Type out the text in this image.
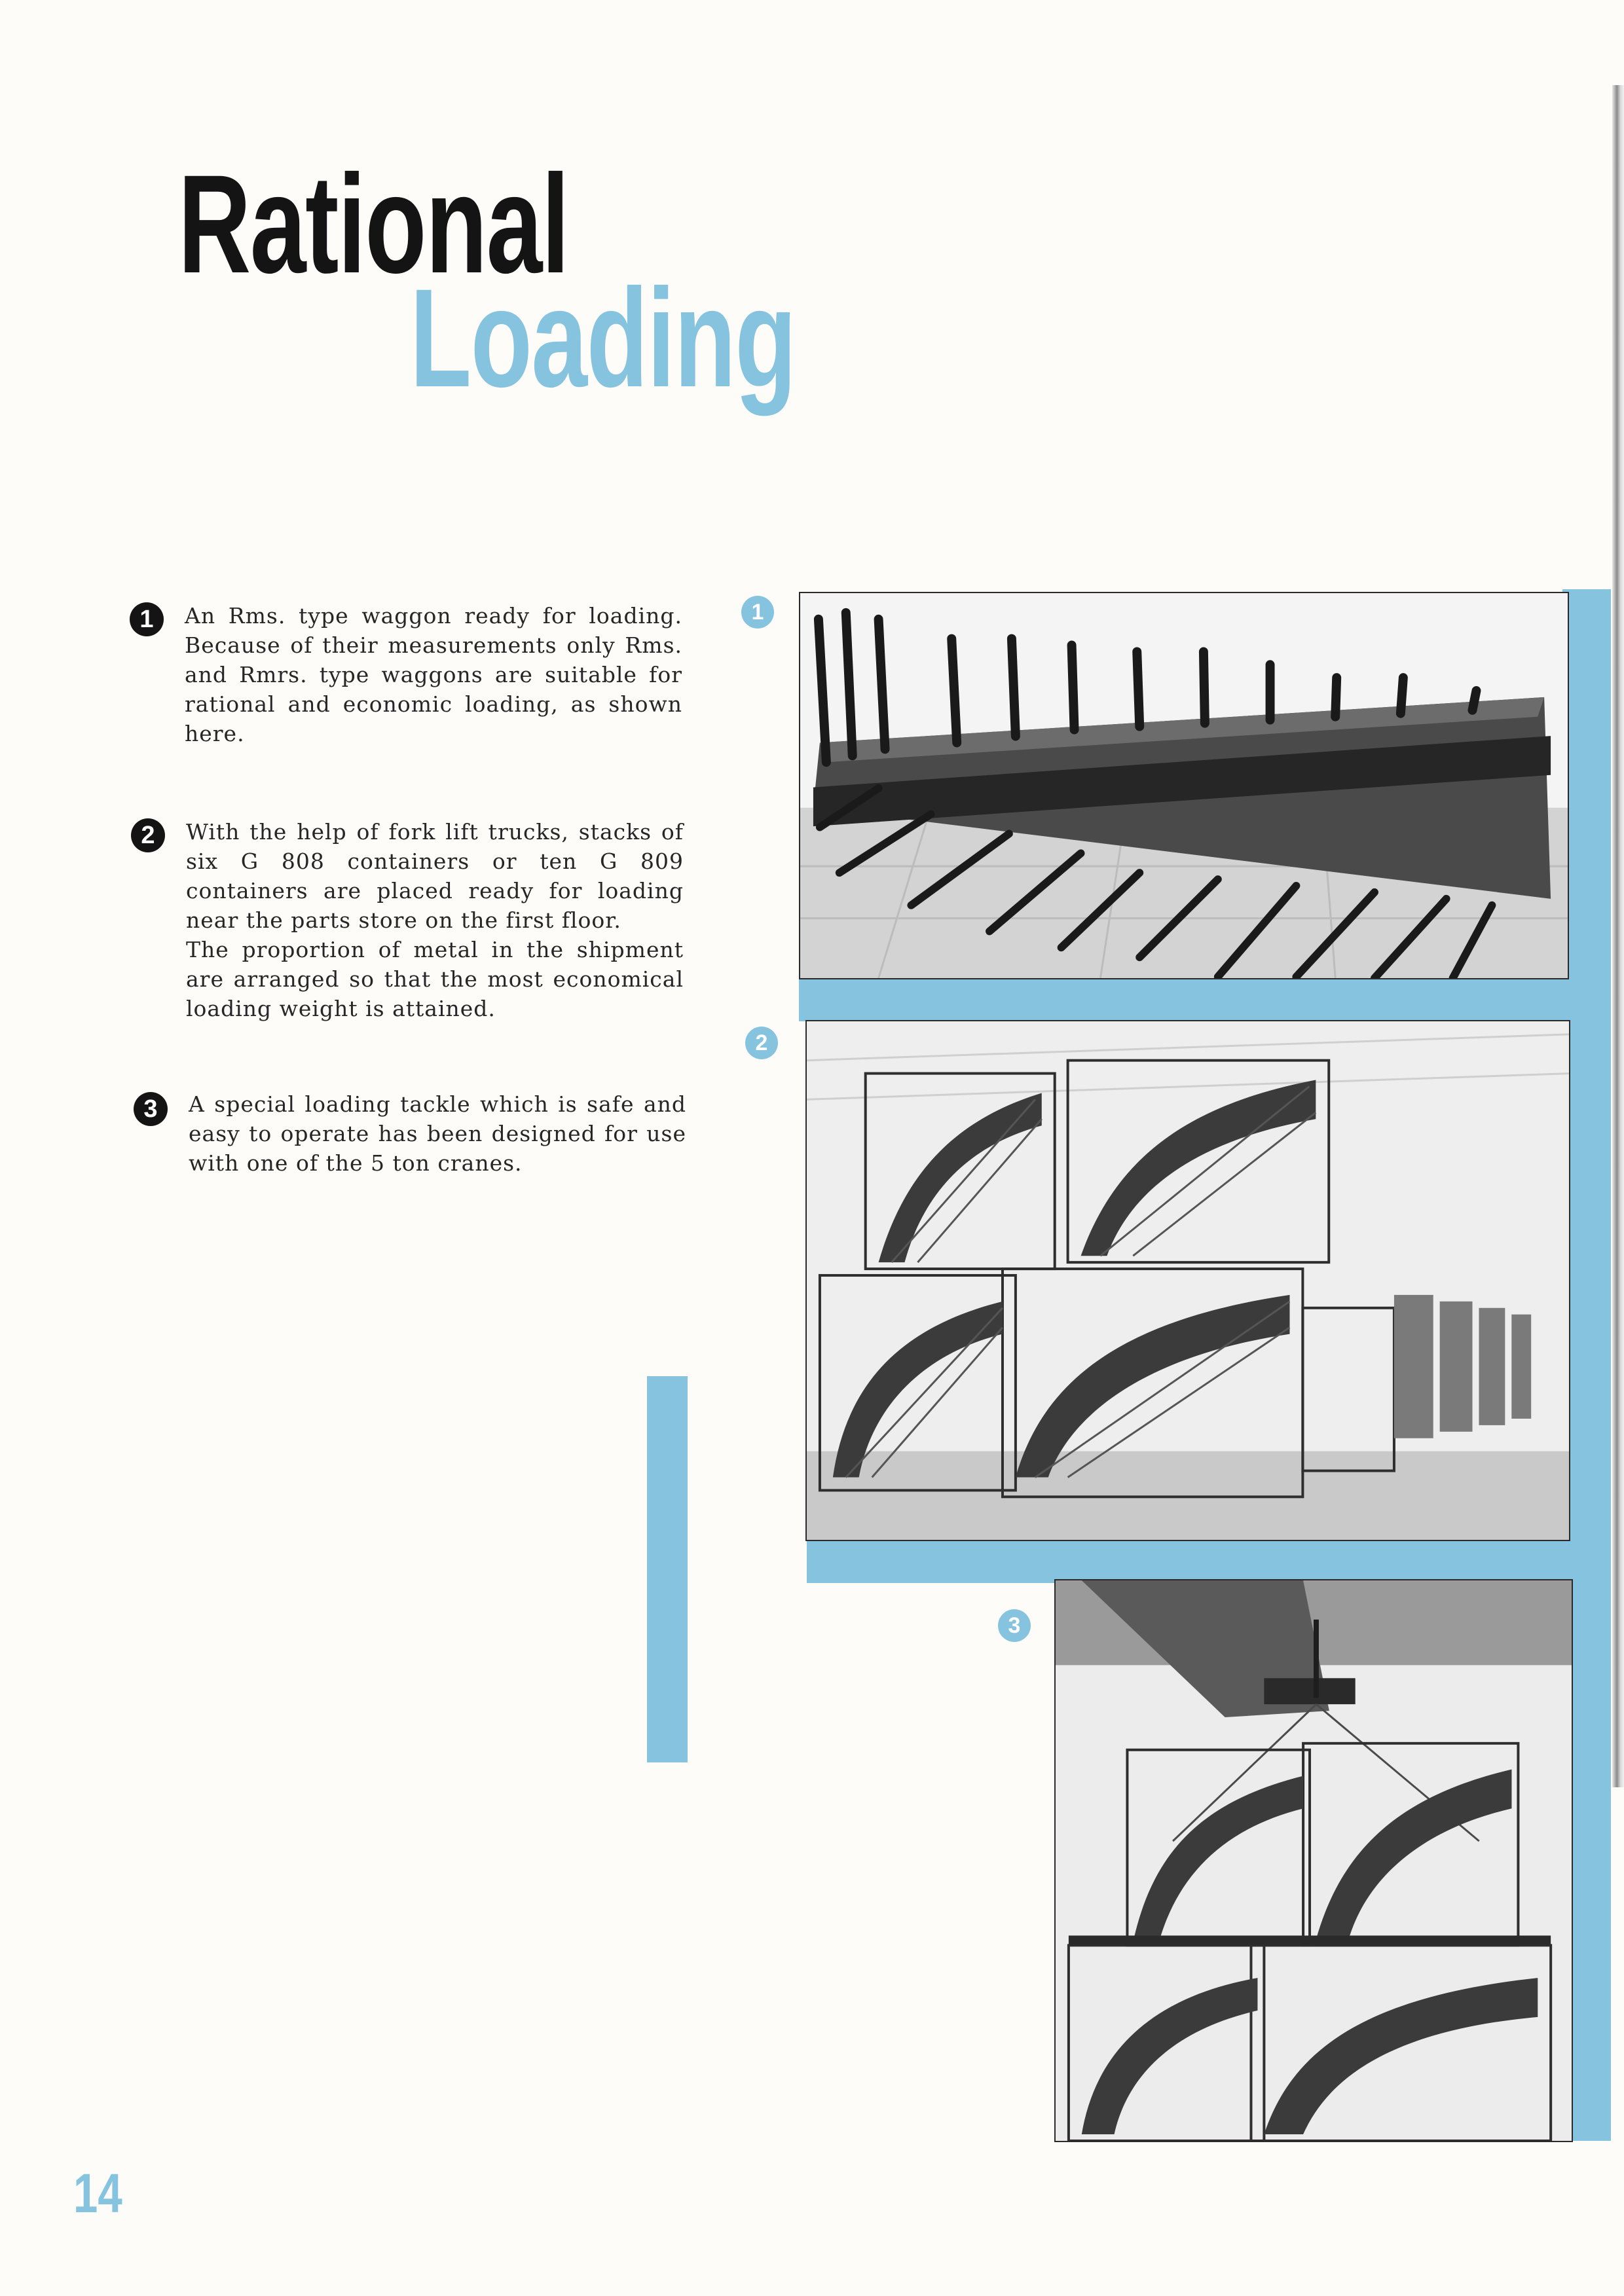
Rational
Loading
1	An Rms. type waggon ready for loading. Because of their measurements only Rms. and Rmrs. type waggons are suitable for rational and economic loading, as shown here.

2	With the help of fork lift trucks, stacks of six G 808 containers or ten G 809 containers are placed ready for loading near the parts store on the first floor.
The proportion of metal in the shipment are arranged so that the most economical loading weight is attained.

3	A special loading tackle which is safe and easy to operate has been designed for use with one of the 5 ton cranes.

1
2
3

14
